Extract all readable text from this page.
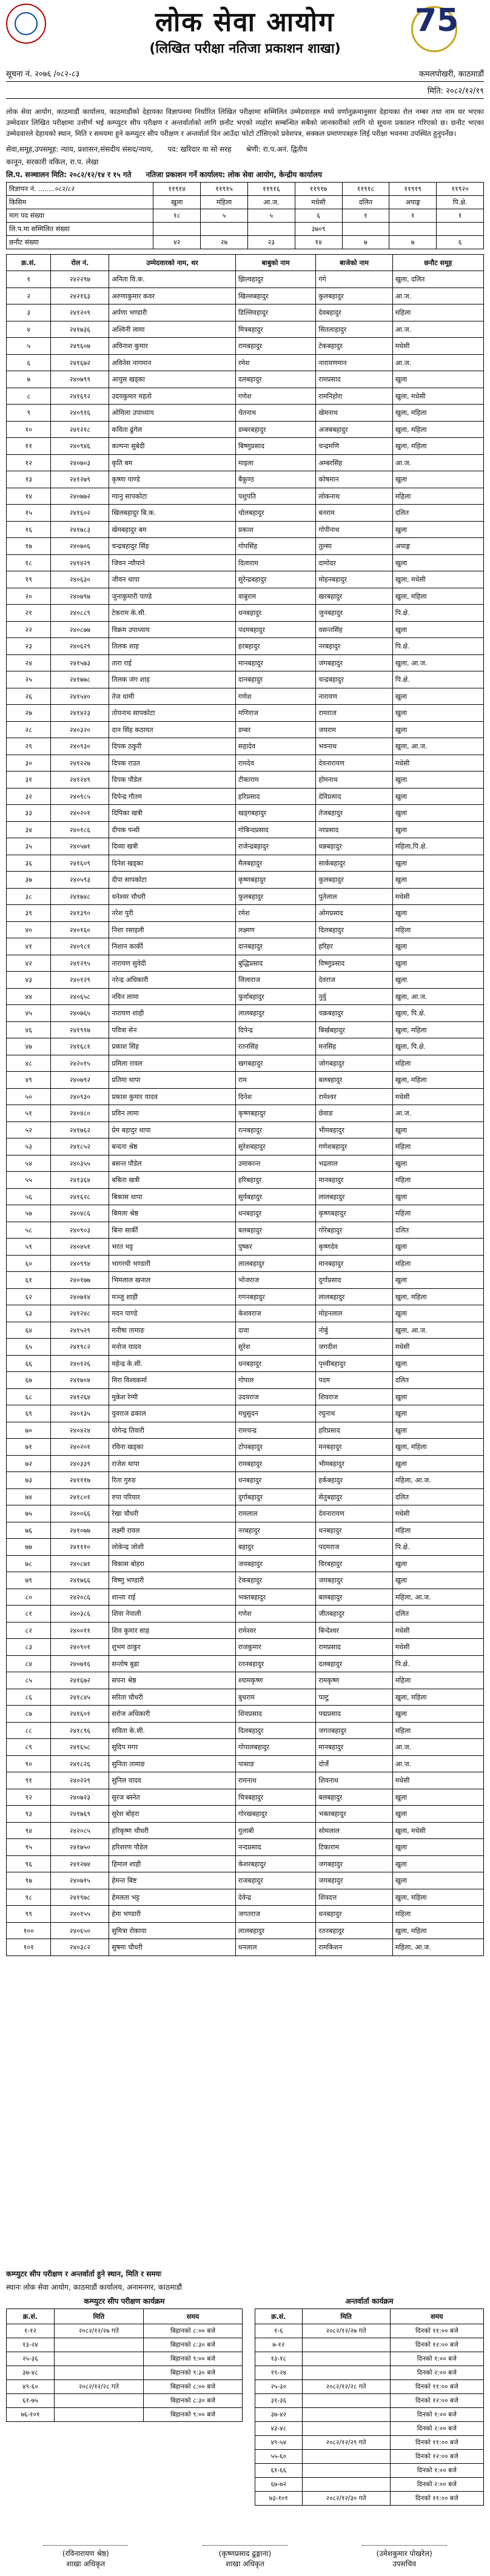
लोक सेवा आयोग
(लिखित परीक्षा नतिजा प्रकाशन शाखा)
75
सूचना नं. २०७६ /०८२-८३	कमलपोखरी, काठमाडौं
मिति: २०८२/१२/१९
लोक सेवा आयोग, काठमाडौं कार्यालय, काठमाडौंको देहायका विज्ञापनमा निर्धारित लिखित परीक्षामा सम्मिलित उम्मेदवारहरु मध्ये वर्णानुक्रमानुसार देहायका रोल नम्बर तथा नाम थर भएका उम्मेदवार लिखित परीक्षामा उत्तीर्ण भई कम्प्युटर सीप परीक्षण र अन्तर्वार्ताको लागि छनौट भएको व्यहोरा सम्बन्धित सबैको जानकारीको लागि यो सूचना प्रकाशन गरिएको छ। छनौट भएका उम्मेदवारले देहायको स्थान, मिति र समयमा हुने कम्प्युटर सीप परीक्षण र अन्तर्वार्ता दिन आउँदा फोटो टाँसिएको प्रवेशपत्र, सक्कल प्रमाणपत्रहरु लिई परीक्षा भवनमा उपस्थित हुनुपर्नेछ।
सेवा,समूह,उपसमूह: न्याय, प्रशासन,संसदीय संसद/न्याय, पद: खरिदार वा सो सरह श्रेणी: रा.प.अनं. द्वितीय
कानून, सरकारी वकिल, रा.प. लेखा
लि.प. सञ्चालन मिति: २०८२/१२/१४ र १५ गते नतिजा प्रकाशन गर्ने कार्यालय: लोक सेवा आयोग, केन्द्रीय कार्यालय
विज्ञापन नं. ........०८२/८२	११९१४	११९१५	११९१६	११९१७	११९१८	११९१९	११९२०
किसिम	खुला	महिला	आ.ज.	मधेसी	दलित	अपाङ्ग	पि.क्षे.
माग पद संख्या	१८	५	५	६	१	१	१
लि.प.मा सम्मिलित संख्या				३७०९			
छनौट संख्या	४२	२७	२३	१४	७	७	६
क्र.सं.	रोल नं.	उम्मेदवारको नाम, थर	बाबुको नाम	बाजेको नाम	छनौट समूह
१	२४२२९७	अनिता वि.क.	झिल्वहादुर	गंगे	खुला, दलित
२	२४२१६३	अरुणाकुमार कवर	खिल्लबहादुर	कुलबहादुर	आ.ज.
३	२४१२०९	अर्पणा भण्डारी	डिल्लिवहादुर	देवबहादुर	महिला
४	२४१७३६	अश्विनी लामा	मित्रबहादुर	सितलाहादुर	आ.ज.
५	२४९६०७	अविनाश कुमार	रामबहादुर	टेकबहादुर	मधेसी
६	२४१६७२	अविनेस नागमान	रमेश	नारायणमान	आ.ज.
७	२४०७९९	आयुस खड्का	दलबहादुर	रामप्रसाद	खुला
८	२४१६९२	उदयकुमार महतो	गणेश	रामनिहोरा	खुला, मधेसी
९	२४०९१६	ओमिला उपाध्याय	चेतनाथ	खेमनाथ	खुला, महिला
१०	२४१२१८	कविता ढुंगेल	डम्बरबहादुर	अजबबहादुर	खुला, महिला
११	२४०९४६	कल्पना सुबेदी	बिष्णुप्रसाद	चन्द्रमणि	खुला, महिला
१२	२४०७०३	कृति बम	माइला	अम्बरसिंह	आ.ज.
१३	२४१२७९	कृष्णा पाण्डे	बैकुण्ठ	कोषमान	खुला
१४	२४०७७२	ग्यानु सापकोटा	पशुपति	लोकनाथ	महिला
१५	२४१६०२	खिलबहादुर बि.क.	चोलबहादुर	बनराम	दलित
१६	२४१७८३	खेमबहादुर बम	प्रकाश	गोपीनाथ	खुला
१७	२४०७०६	चन्द्रबहादुर सिंह	गोपसिंह	तुल्सा	अपाङ्ग
१८	२४१४२९	जिवन न्यौपाने	दिलाराम	दामोदर	खुला
१९	२४०६३०	जीवन थापा	सुरेन्द्रबहादुर	मोहनबहादुर	खुला, मधेसी
२०	२४०७९७	जुनाकुमारी पाण्डे	वाबुराम	खरबहादुर	खुला, महिला
२१	२४०८८९	टेकराम के.सी.	धनबहादुर	जुनबहादुर	पि.क्षे.
२२	२४०८७७	विक्रम उपाध्याय	पदमबहादुर	वसन्तसिंह	खुला
२३	२४०६२९	तिलक शाह	हरबहादुर	नरबहादुर	पि.क्षे.
२४	२४१५७३	तारा राई	मानबहादुर	जंगबहादुर	खुला, आ.ज.
२५	२४१७७८	तिलक जंग शाह	दानबहादुर	चन्द्रबहादुर	पि.क्षे.
२६	२४१५४०	तेज धामी	गणेश	नारायण	खुला
२७	२४१४२३	तोयनाथ सापकोटा	मणिराज	रामराज	खुला
२८	२४०३२०	दान सिंह कठायत	डम्बर	जयराम	खुला
२९	२४०९३०	दिपक ठकुरी	सहादेव	भवनाथ	खुला, आ.ज.
३०	२४१२२७	दिपक राउत	रामदेव	देवनारायण	मधेसी
३१	२४१२४९	दिपक पौडेल	टीकाराम	होमनाथ	खुला
३२	२४०९८५	दिपेन्द्र गौतम	हरिप्रसाद	देविप्रसाद	खुला
३३	२४०२०१	दिपिका खत्री	खड्गबहादुर	तेजबहादुर	खुला
३४	२४०१८६	दीपक पन्थी	गोबिन्दप्रसाद	नरप्रसाद	खुला
३५	२४०५७१	दिव्या खत्री	राजेन्द्रबहादुर	धन्नबहादुर	महिला,पि.क्षे.
३६	२४१६०९	दिनेश खड्का	मैलबहादुर	सार्कबहादुर	खुला
३७	२४०५९३	दीपा सापकोटा	कृष्णबहादुर	कुलबहादुर	खुला
३८	२४१७४८	धनेश्वर चौधरी	फुलबहादुर	पुतेलाल	मधेसी
३९	२४१३९०	नरेश पुरी	रमेश	ओमप्रसाद	खुला
४०	२४०१६०	निशा रसाइली	लक्ष्मण	दिलबहादुर	महिला
४१	२४०९८१	निशान कार्की	दानबहादुर	हरिहर	खुला
४२	२४१२९५	नारायण सुवेदी	बुद्धिप्रसाद	विष्णुप्रसाद	खुला
४३	२४०१२९	नरेन्द्र अधिकारी	लिलाराज	देवराज	खुला
४४	२४०६५८	नविन लामा	फुर्वाबहादुर	नुर्वु	खुला, आ.ज.
४५	२४०७६५	नारायण शाही	लालबहादुर	चक्रबहादुर	खुला, पि.क्षे.
४६	२४१९१७	पवित्रा सेन	दिपेन्द्र	बिर्खबहादुर	खुला, महिला
४७	२४१६८१	प्रकाश सिंह	रतनसिंह	मनसिंह	खुला, पि.क्षे.
४८	२४२०१५	प्रमिला रावल	खगबहादुर	जोगबहादुर	महिला
४९	२४०७९२	प्रतिमा थापा	राम	बलबहादुर	खुला, महिला
५०	२४०९३०	प्रकाश कुमार यादव	दिनेश	रामेश्वर	मधेसी
५१	२४०४८०	प्रविन लामा	कृष्णबहादुर	छेवाङ	आ.ज.
५२	२४१७६२	प्रेम बहादुर थापा	रत्नबहादुर	भीमबहादुर	खुला
५३	२४१८५२	बन्दना श्रेष्ठ	सुरेशबहादुर	गणेशबहादुर	महिला
५४	२४०३५५	बसन्त पौडेल	उमाकान्त	भद्रलाल	खुला
५५	२४१३६४	बबिता खत्री	हरिबहादुर	मानबहादुर	महिला
५६	२४१६२८	बिकास थापा	सुर्यबहादुर	लालबहादुर	खुला
५७	२४०४८६	बिमला श्रेष्ठ	धनबहादुर	कृष्णबहादुर	महिला
५८	२४०९०३	बिना सार्की	बलबहादुर	गोरेबहादुर	दलित
५९	२४०४५१	भरत भट्ट	पुष्कर	कृष्णदेव	खुला
६०	२४०९९४	भागरथी भण्डारी	लालबहादुर	मानबहादुर	महिला
६१	२४०१७७	भिमलाल खनाल	भोजराज	दुर्गाप्रसाद	खुला
६२	२४०७१४	मञ्जु शाही	गगनबहादुर	लालबहादुर	खुला, महिला
६३	२४१२४८	मदन पाण्डे	केशवराज	मोहनलाल	खुला
६४	२४१५२९	मनीषा तामाङ	दावा	नोर्बु	खुला, आ.ज.
६५	२४१९८२	मनोज यादव	सुरेश	जगदीश	मधेसी
६६	२४०१२६	महेन्द्र के.सी.	धनबहादुर	पृथ्वीबहादुर	खुला
६७	२४१७०४	मिरा विश्वकर्मा	गोपाल	पदम	दलित
६८	२४१२६४	मुकेश रेग्मी	उदयराज	शिवराज	खुला
६९	२४०१३५	युवराज ढकाल	मधुसुदन	रघुनाथ	खुला
७०	२४०४२४	योगेन्द्र तिवारी	रामचन्द्र	हरिप्रसाद	खुला
७१	२४०२०१	रविना खड्का	टोपबहादुर	मनबहादुर	खुला, महिला
७२	२४०३३९	राजेश थापा	रामबहादुर	भीमबहादुर	खुला
७३	२४१११७	रिता गुरुङ	धनबहादुर	हर्कबहादुर	महिला, आ.ज.
७४	२४१८०१	रुपा परियार	दुर्गाबहादुर	सेतुबहादुर	दलित
७५	२४००६६	रेखा चौधरी	रामलाल	देवनारायण	मधेसी
७६	२४१०७७	लक्ष्मी रावल	नरबहादुर	धनबहादुर	महिला
७७	२४१११०	लोकेन्द्र जोशी	बहादुर	पदमराज	पि.क्षे.
७८	२४०८७१	विकास बोहरा	जयबहादुर	विरबहादुर	खुला
७९	२४१७६६	विष्णु भण्डारी	टेकबहादुर	जयबहादुर	खुला
८०	२४२०८६	शान्ता राई	भक्तबहादुर	बलबहादुर	महिला, आ.ज.
८१	२४०३८६	शिवा नेपाली	गणेश	जीतबहादुर	दलित
८२	२४००११	शिव कुमार साह	रामेश्वर	बिन्देश्वर	मधेसी
८३	२४०९०१	शुभम ठाकुर	राजकुमार	रामप्रसाद	मधेसी
८४	२४०७१६	सन्तोष बुढा	रतनबहादुर	दलबहादुर	पि.क्षे.
८५	२४१६७२	सपना श्रेष्ठ	श्यामकृष्ण	रामकृष्ण	महिला
८६	२४१८४५	सरिता चौधरी	बुधराम	पल्टु	खुला, महिला
८७	२४१६०१	सरोज अधिकारी	शिवप्रसाद	पद्मप्रसाद	खुला
८८	२४१८९६	सविता के.सी.	दिलबहादुर	जगतबहादुर	महिला
८९	२४१६५८	सुदिप मगर	गोपालबहादुर	मानबहादुर	आ.ज.
९०	२४१८२६	सुनिता तामाङ	पासाङ	दोर्जे	आ.ज.
९१	२४०२२९	सुनिल यादव	रामनाथ	शिवनाथ	मधेसी
९२	२४०७२३	सुरज बस्नेत	चित्रबहादुर	बलबहादुर	खुला
९३	२४१७६९	सुरेश बोहरा	गोरखबहादुर	भक्तबहादुर	खुला
९४	२४२०८५	हरिकृष्ण चौधरी	गुलाबी	सोमलाल	खुला, मधेसी
९५	२४१७५०	हरिशरण पौडेल	नन्दप्रसाद	टिकाराम	खुला
९६	२४१२७४	हिमाल शाही	केशरबहादुर	जगबहादुर	खुला
९७	२४०७१५	हेमन्त बिष्ट	राजबहादुर	जयबहादुर	खुला
९८	२४१९७८	हेमलता भट्ट	देवेन्द्र	शिवदत्त	खुला, महिला
९९	२४०१५५	हेमा भण्डारी	जगतराज	धनबहादुर	महिला
१००	२४०६५०	सुमित्रा रोकाया	लालबहादुर	रतनबहादुर	खुला, महिला
१०१	२४०३८२	सुषमा चौधरी	धनलाल	रामकिशन	महिला, आ.ज.
कम्प्युटर सीप परीक्षण र अन्तर्वार्ता हुने स्थान, मिति र समयः
स्थानः लोक सेवा आयोग, काठमाडौं कार्यालय, अनामनगर, काठमाडौं
कम्प्युटर सीप परीक्षण कार्यक्रम
क्र.सं.	मिति	समय
१-१२	२०८२/१२/२७ गते	बिहानको ८:०० बजे
१३-२४		बिहानको ८:३० बजे
२५-३६		बिहानको ९:०० बजे
३७-४८		बिहानको ९:३० बजे
४९-६०	२०८२/१२/२८ गते	बिहानको ८:०० बजे
६१-७५		बिहानको ८:३० बजे
७६-१०१		बिहानको ९:०० बजे
अन्तर्वार्ता कार्यक्रम
क्र.सं.	मिति	समय
१-६	२०८२/१२/२७ गते	दिनको ११:०० बजे
७-१२		दिनको १२:०० बजे
१३-१८		दिनको १:०० बजे
१९-२४		दिनको २:०० बजे
२५-३०	२०८२/१२/२८ गते	दिनको ११:०० बजे
३१-३६		दिनको १२:०० बजे
३७-४२		दिनको १:०० बजे
४३-४८		दिनको २:०० बजे
४९-५४	२०८२/१२/२९ गते	दिनको ११:०० बजे
५५-६०		दिनको १२:०० बजे
६१-६६		दिनको १:०० बजे
६७-७२		दिनको २:०० बजे
७३-१०१	२०८२/१२/३० गते	दिनको ११:०० बजे
(रविनारायण श्रेष्ठ)
शाखा अधिकृत
(कृष्णप्रसाद ढुङ्गाना)
शाखा अधिकृत
(उमेशकुमार पोखरेल)
उपसचिव
